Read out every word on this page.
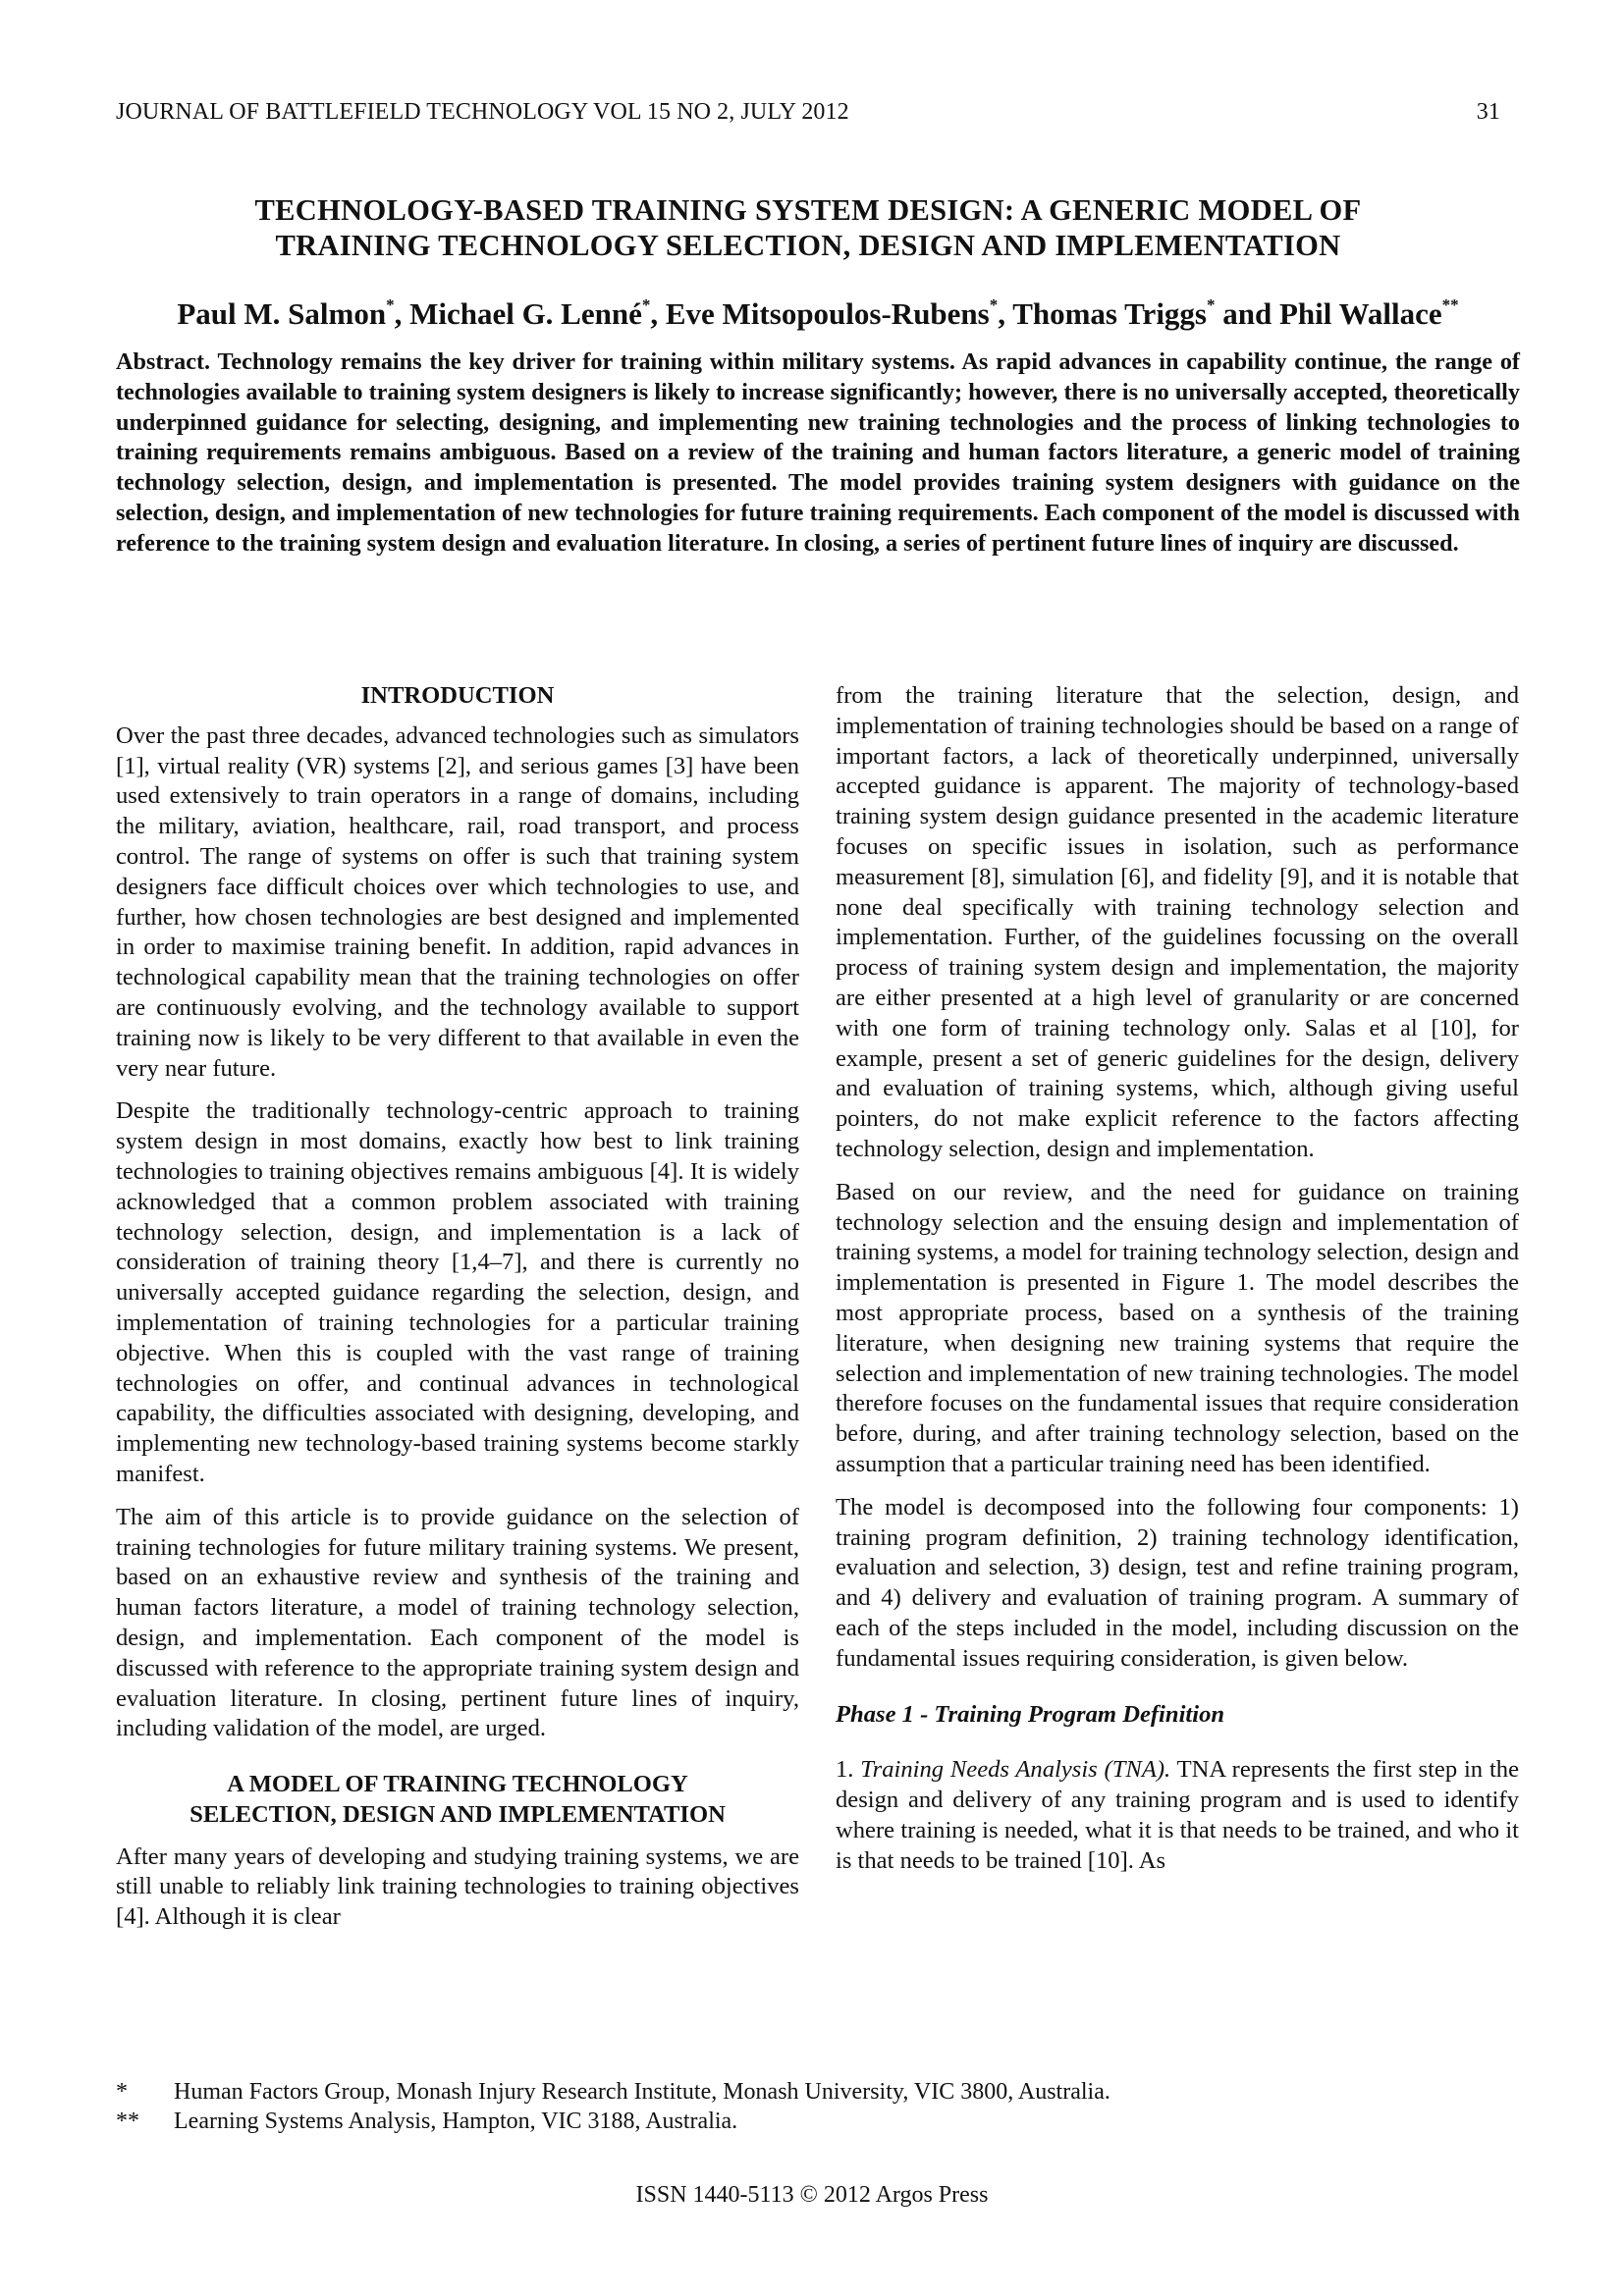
JOURNAL OF BATTLEFIELD TECHNOLOGY VOL 15 NO 2, JULY 2012	31
TECHNOLOGY-BASED TRAINING SYSTEM DESIGN: A GENERIC MODEL OF
TRAINING TECHNOLOGY SELECTION, DESIGN AND IMPLEMENTATION
Paul M. Salmon*, Michael G. Lenné*, Eve Mitsopoulos-Rubens*, Thomas Triggs* and Phil Wallace**
Abstract. Technology remains the key driver for training within military systems. As rapid advances in capability continue, the range of technologies available to training system designers is likely to increase significantly; however, there is no universally accepted, theoretically underpinned guidance for selecting, designing, and implementing new training technologies and the process of linking technologies to training requirements remains ambiguous. Based on a review of the training and human factors literature, a generic model of training technology selection, design, and implementation is presented. The model provides training system designers with guidance on the selection, design, and implementation of new technologies for future training requirements. Each component of the model is discussed with reference to the training system design and evaluation literature. In closing, a series of pertinent future lines of inquiry are discussed.
INTRODUCTION

Over the past three decades, advanced technologies such as simulators [1], virtual reality (VR) systems [2], and serious games [3] have been used extensively to train operators in a range of domains, including the military, aviation, healthcare, rail, road transport, and process control. The range of systems on offer is such that training system designers face difficult choices over which technologies to use, and further, how chosen technologies are best designed and implemented in order to maximise training benefit. In addition, rapid advances in technological capability mean that the training technologies on offer are continuously evolving, and the technology available to support training now is likely to be very different to that available in even the very near future.

Despite the traditionally technology-centric approach to training system design in most domains, exactly how best to link training technologies to training objectives remains ambiguous [4]. It is widely acknowledged that a common problem associated with training technology selection, design, and implementation is a lack of consideration of training theory [1,4–7], and there is currently no universally accepted guidance regarding the selection, design, and implementation of training technologies for a particular training objective. When this is coupled with the vast range of training technologies on offer, and continual advances in technological capability, the difficulties associated with designing, developing, and implementing new technology-based training systems become starkly manifest.

The aim of this article is to provide guidance on the selection of training technologies for future military training systems. We present, based on an exhaustive review and synthesis of the training and human factors literature, a model of training technology selection, design, and implementation. Each component of the model is discussed with reference to the appropriate training system design and evaluation literature. In closing, pertinent future lines of inquiry, including validation of the model, are urged.

A MODEL OF TRAINING TECHNOLOGY
SELECTION, DESIGN AND IMPLEMENTATION

After many years of developing and studying training systems, we are still unable to reliably link training technologies to training objectives [4]. Although it is clear

from the training literature that the selection, design, and implementation of training technologies should be based on a range of important factors, a lack of theoretically underpinned, universally accepted guidance is apparent. The majority of technology-based training system design guidance presented in the academic literature focuses on specific issues in isolation, such as performance measurement [8], simulation [6], and fidelity [9], and it is notable that none deal specifically with training technology selection and implementation. Further, of the guidelines focussing on the overall process of training system design and implementation, the majority are either presented at a high level of granularity or are concerned with one form of training technology only. Salas et al [10], for example, present a set of generic guidelines for the design, delivery and evaluation of training systems, which, although giving useful pointers, do not make explicit reference to the factors affecting technology selection, design and implementation.

Based on our review, and the need for guidance on training technology selection and the ensuing design and implementation of training systems, a model for training technology selection, design and implementation is presented in Figure 1. The model describes the most appropriate process, based on a synthesis of the training literature, when designing new training systems that require the selection and implementation of new training technologies. The model therefore focuses on the fundamental issues that require consideration before, during, and after training technology selection, based on the assumption that a particular training need has been identified.

The model is decomposed into the following four components: 1) training program definition, 2) training technology identification, evaluation and selection, 3) design, test and refine training program, and 4) delivery and evaluation of training program. A summary of each of the steps included in the model, including discussion on the fundamental issues requiring consideration, is given below.

Phase 1 - Training Program Definition

1. Training Needs Analysis (TNA). TNA represents the first step in the design and delivery of any training program and is used to identify where training is needed, what it is that needs to be trained, and who it is that needs to be trained [10]. As

*	Human Factors Group, Monash Injury Research Institute, Monash University, VIC 3800, Australia.
**	Learning Systems Analysis, Hampton, VIC 3188, Australia.
ISSN 1440-5113 © 2012 Argos Press
